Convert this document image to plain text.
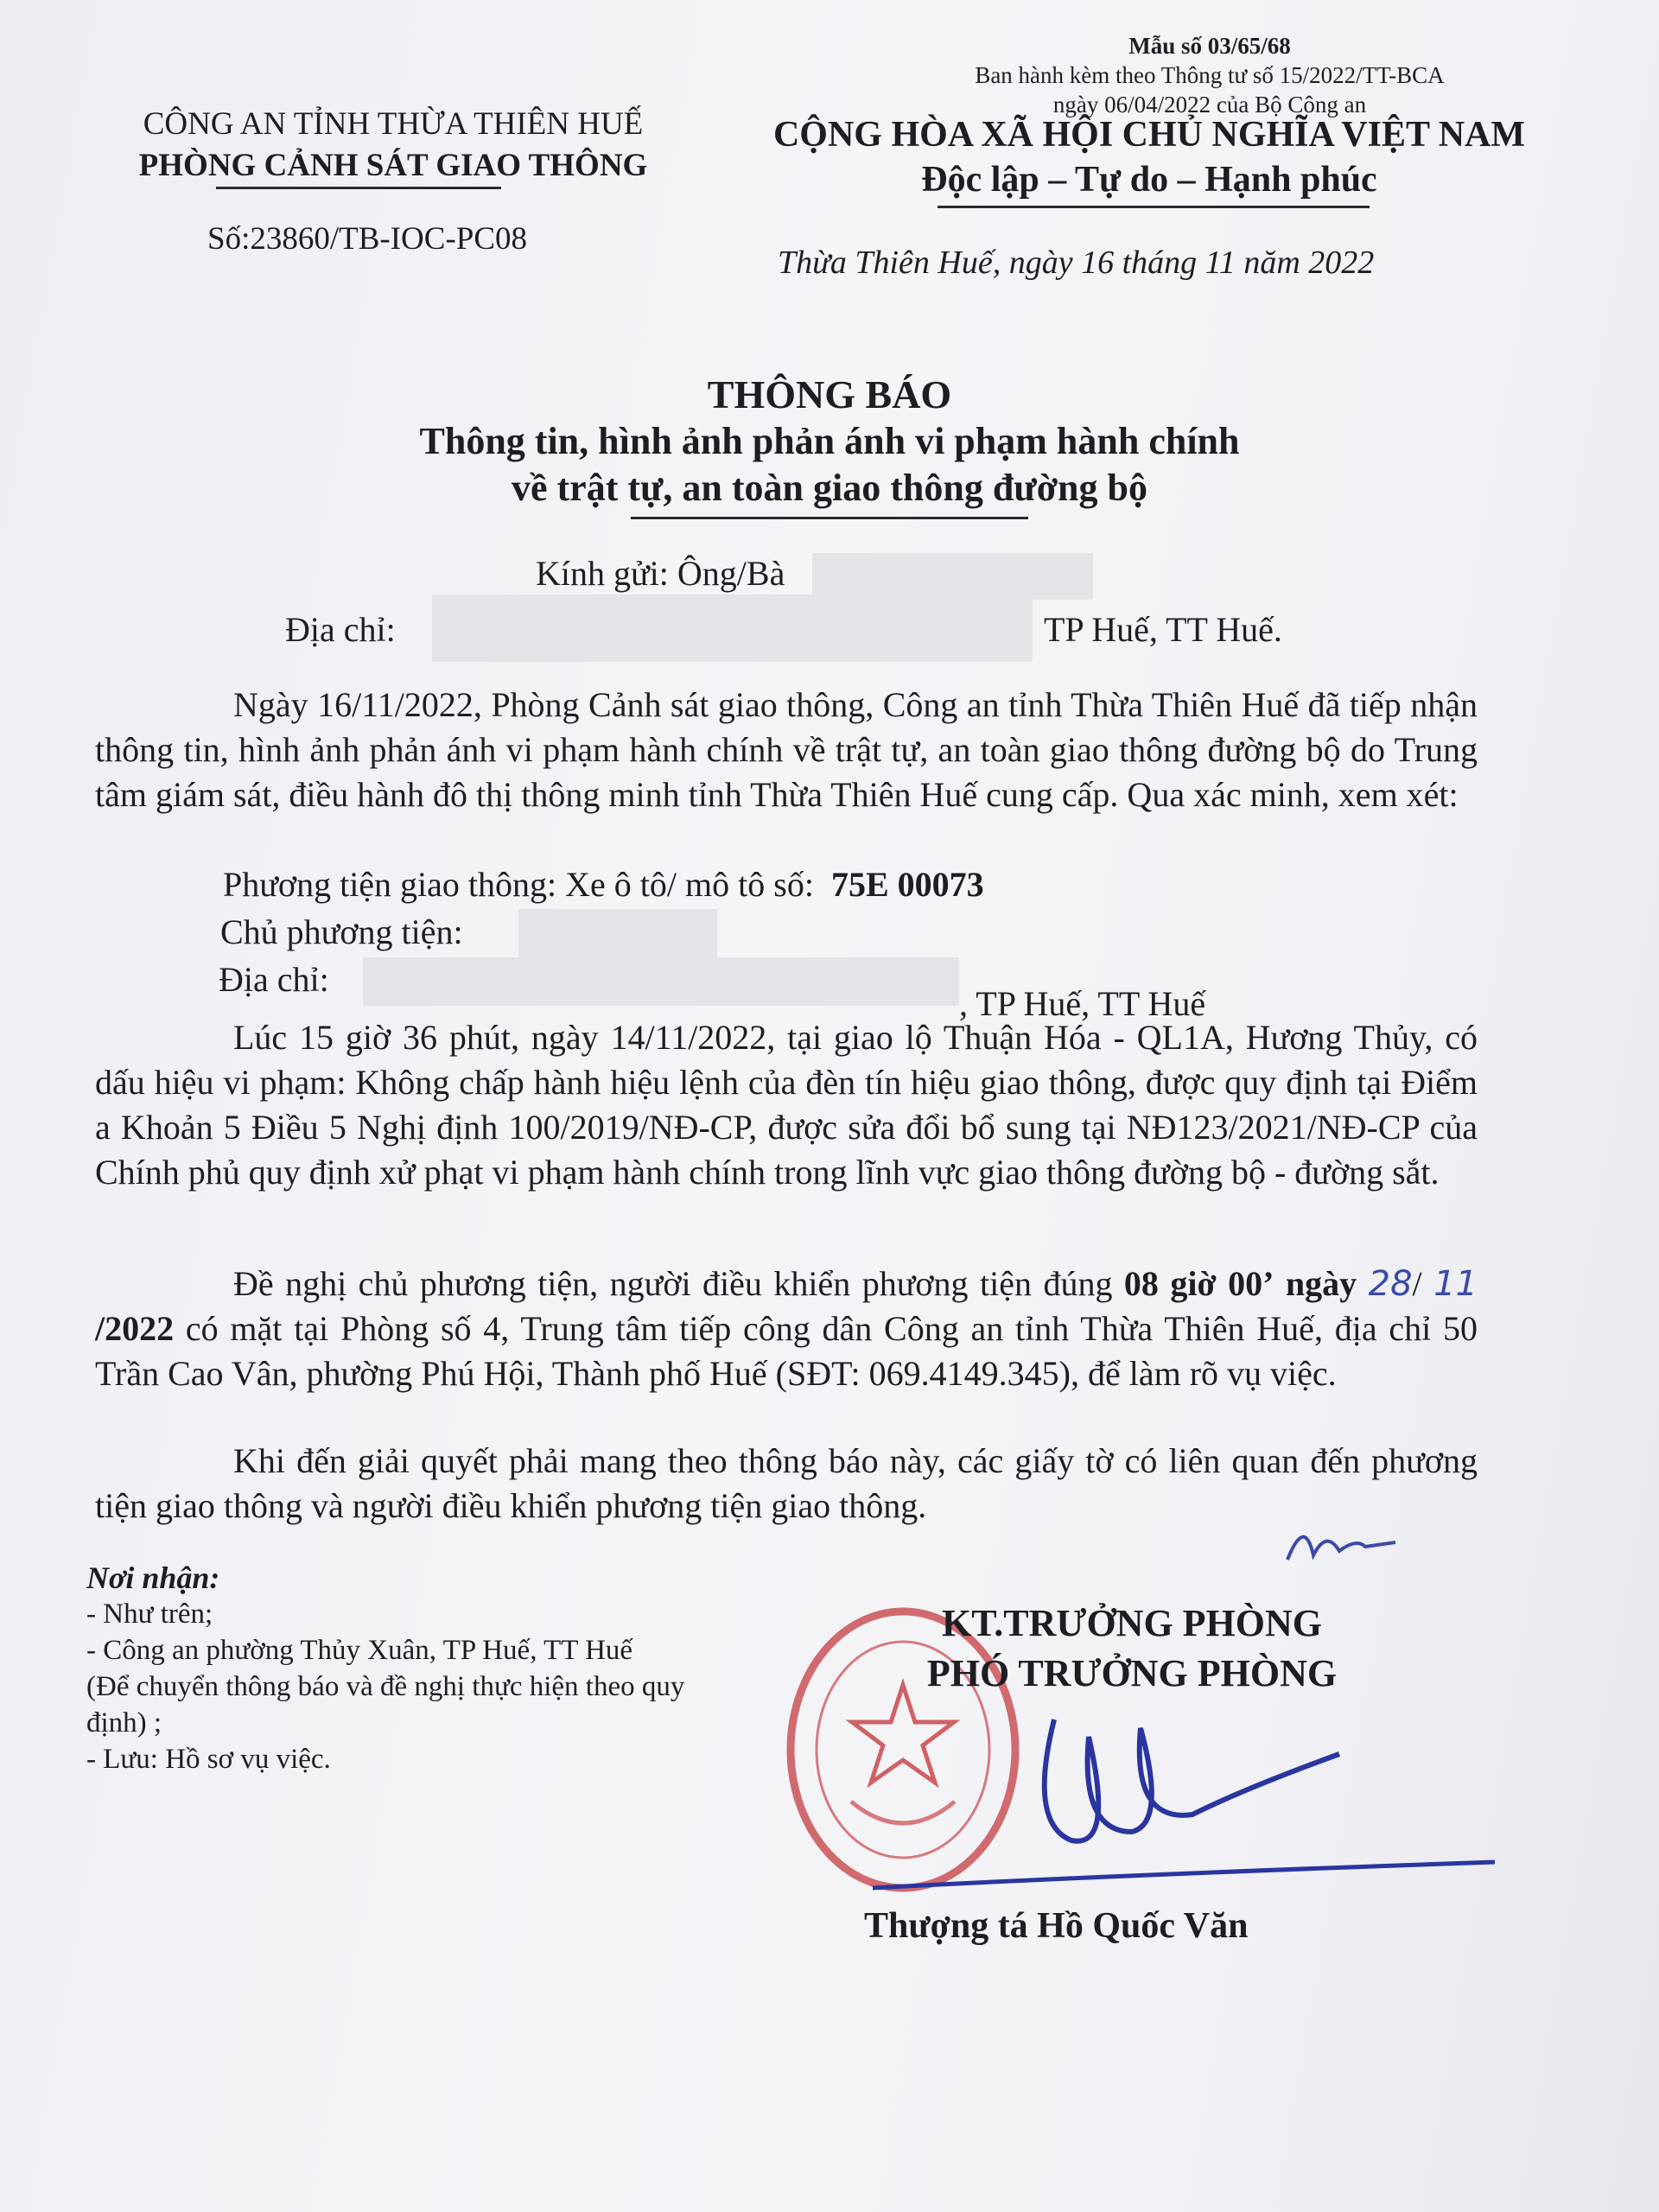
Mẫu số 03/65/68
Ban hành kèm theo Thông tư số 15/2022/TT-BCA
ngày 06/04/2022 của Bộ Công an
CÔNG AN TỈNH THỪA THIÊN HUẾ
PHÒNG CẢNH SÁT GIAO THÔNG
CỘNG HÒA XÃ HỘI CHỦ NGHĨA VIỆT NAM
Độc lập – Tự do – Hạnh phúc
Số:23860/TB-IOC-PC08
Thừa Thiên Huế, ngày 16 tháng 11 năm 2022
THÔNG BÁO
Thông tin, hình ảnh phản ánh vi phạm hành chính
về trật tự, an toàn giao thông đường bộ
Kính gửi: Ông/Bà
Địa chỉ:	TP Huế, TT Huế.
Ngày 16/11/2022, Phòng Cảnh sát giao thông, Công an tỉnh Thừa Thiên Huế đã tiếp nhận thông tin, hình ảnh phản ánh vi phạm hành chính về trật tự, an toàn giao thông đường bộ do Trung tâm giám sát, điều hành đô thị thông minh tỉnh Thừa Thiên Huế cung cấp. Qua xác minh, xem xét:
Phương tiện giao thông: Xe ô tô/ mô tô số: 75E 00073
Chủ phương tiện:
Địa chỉ:
, TP Huế, TT Huế
Lúc 15 giờ 36 phút, ngày 14/11/2022, tại giao lộ Thuận Hóa - QL1A, Hương Thủy, có dấu hiệu vi phạm: Không chấp hành hiệu lệnh của đèn tín hiệu giao thông, được quy định tại Điểm a Khoản 5 Điều 5 Nghị định 100/2019/NĐ-CP, được sửa đổi bổ sung tại NĐ123/2021/NĐ-CP của Chính phủ quy định xử phạt vi phạm hành chính trong lĩnh vực giao thông đường bộ - đường sắt.
Đề nghị chủ phương tiện, người điều khiển phương tiện đúng 08 giờ 00’ ngày 28/ 11 /2022 có mặt tại Phòng số 4, Trung tâm tiếp công dân Công an tỉnh Thừa Thiên Huế, địa chỉ 50 Trần Cao Vân, phường Phú Hội, Thành phố Huế (SĐT: 069.4149.345), để làm rõ vụ việc.
Khi đến giải quyết phải mang theo thông báo này, các giấy tờ có liên quan đến phương tiện giao thông và người điều khiển phương tiện giao thông.
Nơi nhận:
- Như trên;
- Công an phường Thủy Xuân, TP Huế, TT Huế
(Để chuyển thông báo và đề nghị thực hiện theo quy định) ;
- Lưu: Hồ sơ vụ việc.
KT.TRƯỞNG PHÒNG
PHÓ TRƯỞNG PHÒNG
Thượng tá Hồ Quốc Văn
